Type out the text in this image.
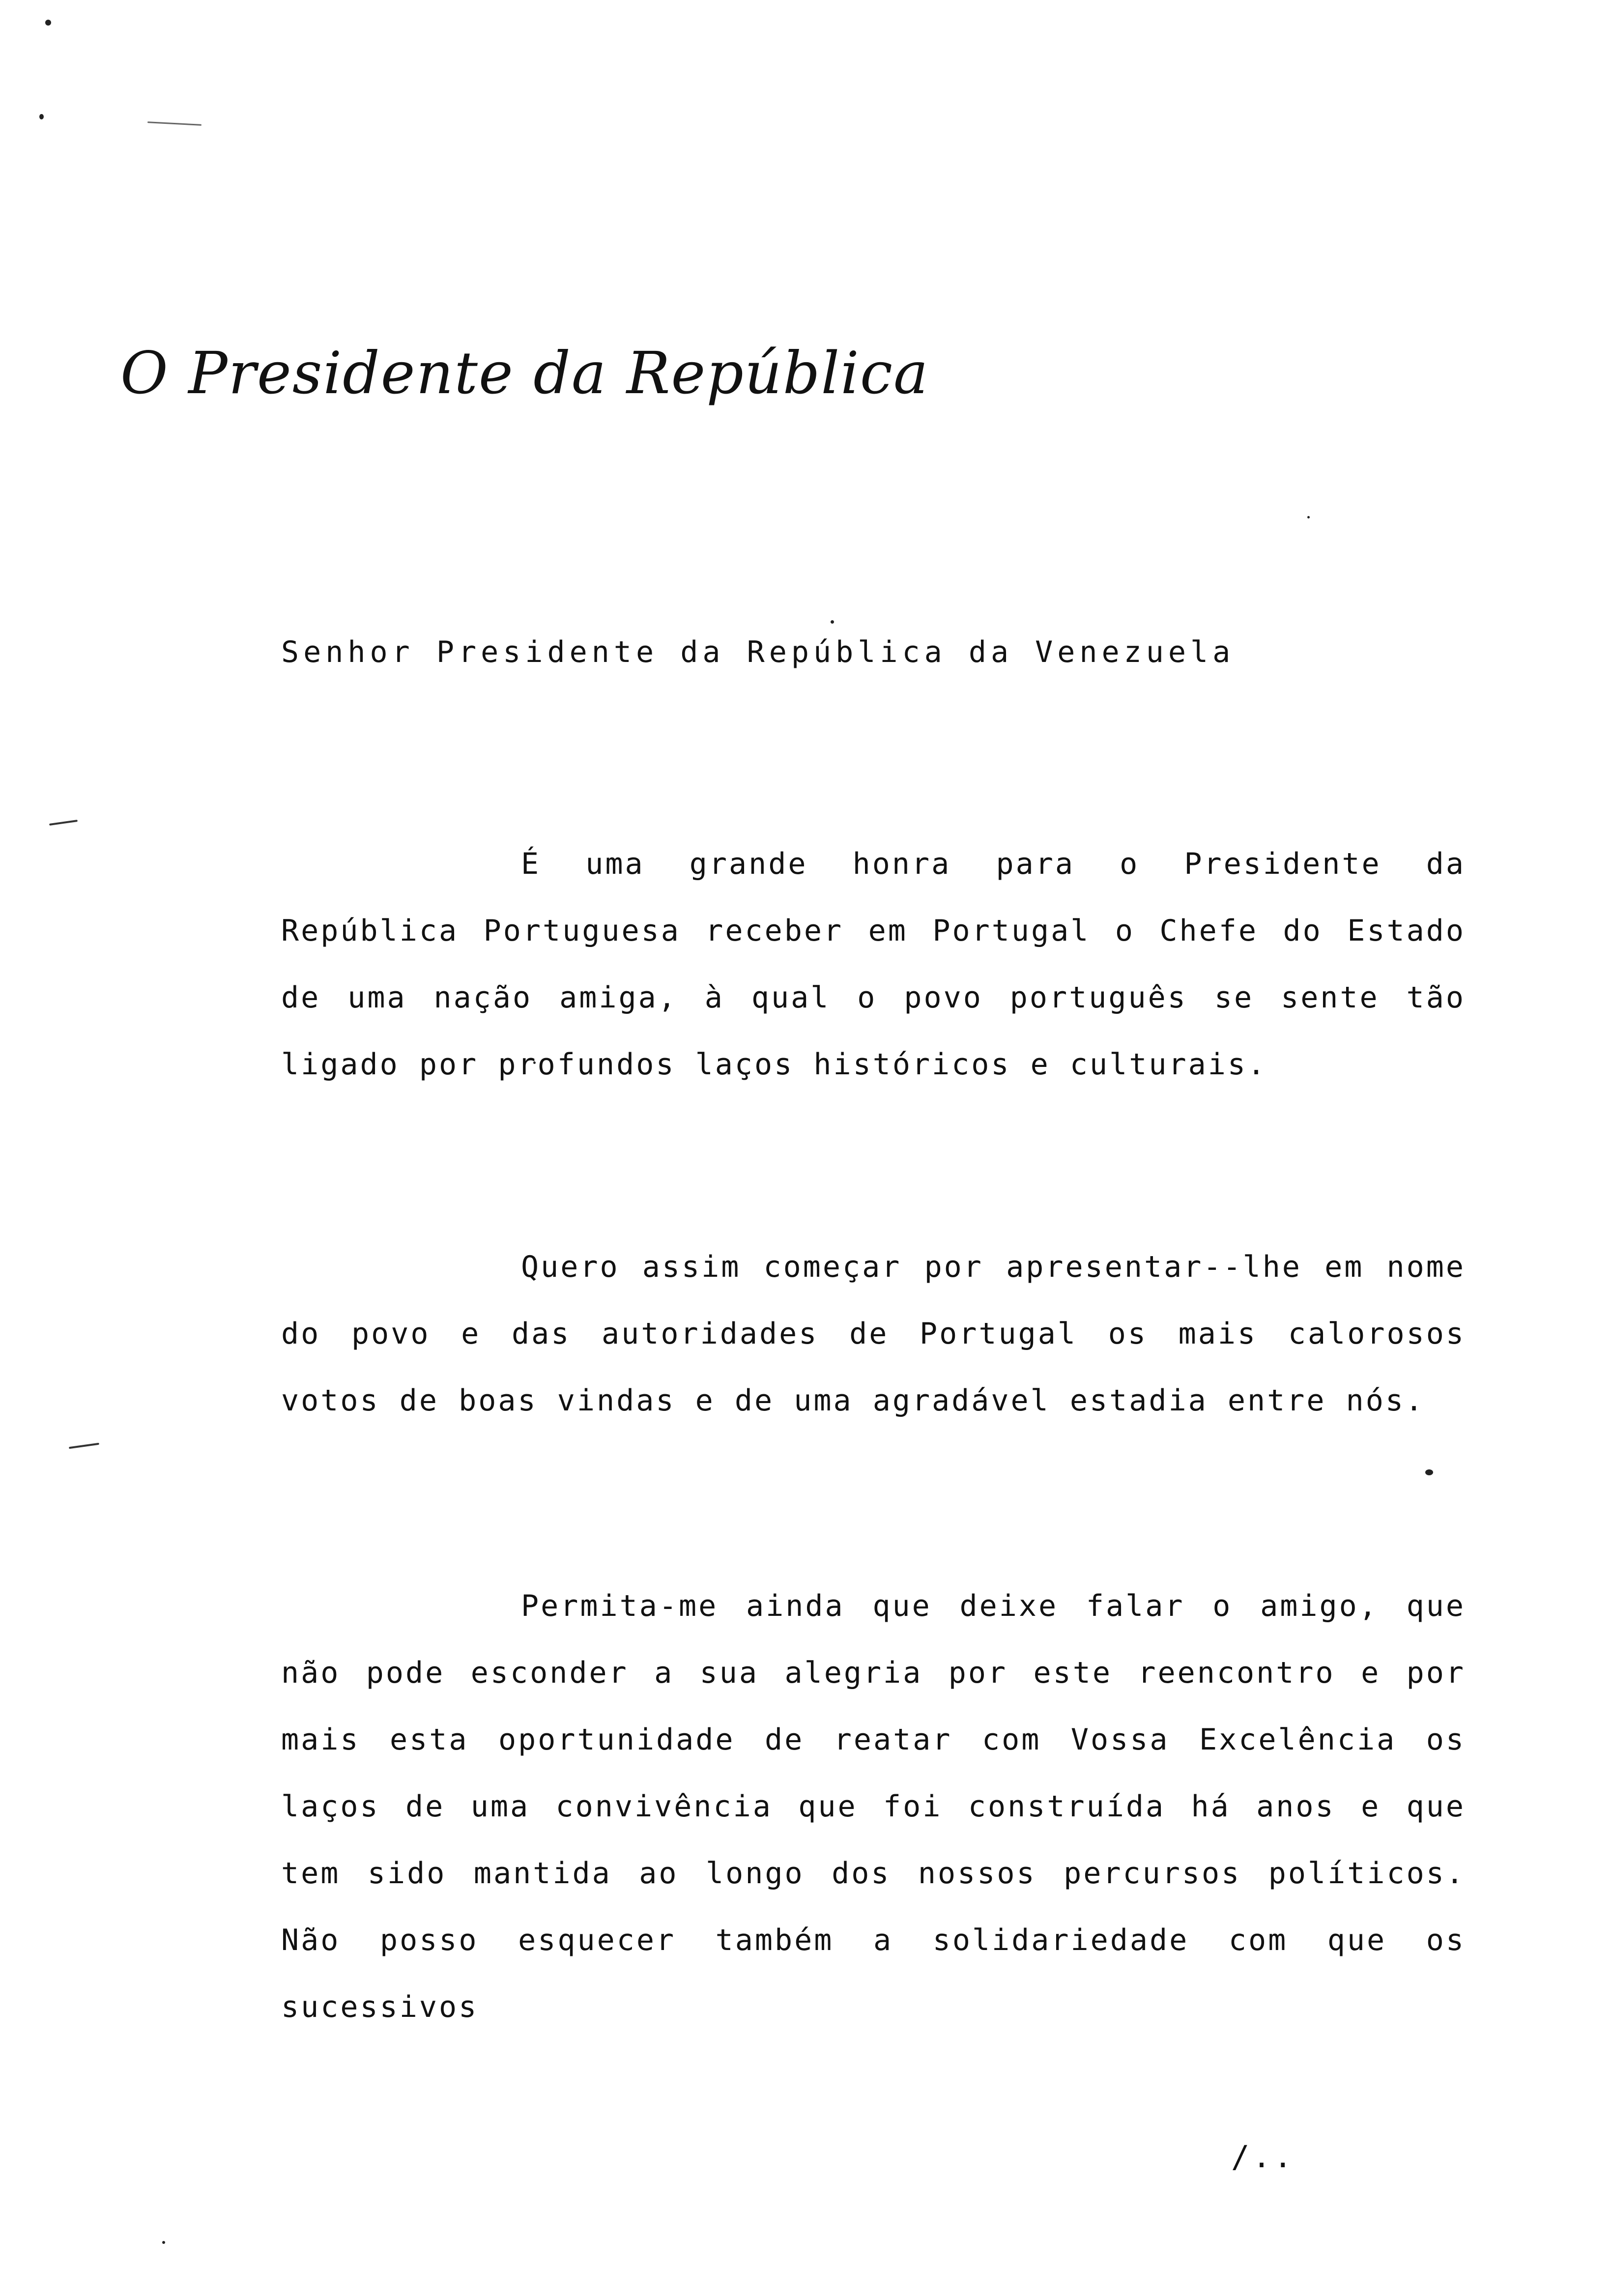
O Presidente da República
Senhor Presidente da República da Venezuela

É uma grande honra para o Presidente da República Portuguesa receber em Portugal o Chefe do Estado de uma nação amiga, à qual o povo português se sente tão ligado por profundos laços históricos e culturais.

Quero assim começar por apresentar--lhe em nome do povo e das autoridades de Portugal os mais calorosos votos de boas vindas e de uma agradável estadia entre nós.

Permita-me ainda que deixe falar o amigo, que não pode esconder a sua alegria por este reencontro e por mais esta oportunidade de reatar com Vossa Excelência os laços de uma convivência que foi construída há anos e que tem sido mantida ao longo dos nossos percursos políticos. Não posso esquecer também a solidariedade com que os sucessivos

/..
